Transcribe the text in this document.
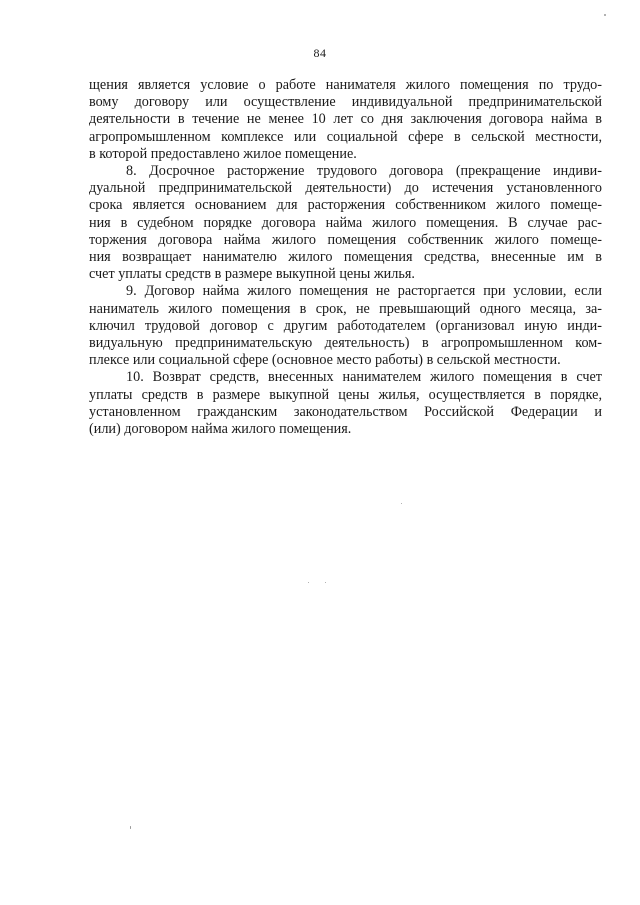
84

щения является условие о работе нанимателя жилого помещения по трудо-
вому договору или осуществление индивидуальной предпринимательской
деятельности в течение не менее 10 лет со дня заключения договора найма в
агропромышленном комплексе или социальной сфере в сельской местности,
в которой предоставлено жилое помещение.

8. Досрочное расторжение трудового договора (прекращение индиви-
дуальной предпринимательской деятельности) до истечения установленного
срока является основанием для расторжения собственником жилого помеще-
ния в судебном порядке договора найма жилого помещения. В случае рас-
торжения договора найма жилого помещения собственник жилого помеще-
ния возвращает нанимателю жилого помещения средства, внесенные им в
счет уплаты средств в размере выкупной цены жилья.

9. Договор найма жилого помещения не расторгается при условии, если
наниматель жилого помещения в срок, не превышающий одного месяца, за-
ключил трудовой договор с другим работодателем (организовал иную инди-
видуальную предпринимательскую деятельность) в агропромышленном ком-
плексе или социальной сфере (основное место работы) в сельской местности.

10. Возврат средств, внесенных нанимателем жилого помещения в счет
уплаты средств в размере выкупной цены жилья, осуществляется в порядке,
установленном гражданским законодательством Российской Федерации и
(или) договором найма жилого помещения.
